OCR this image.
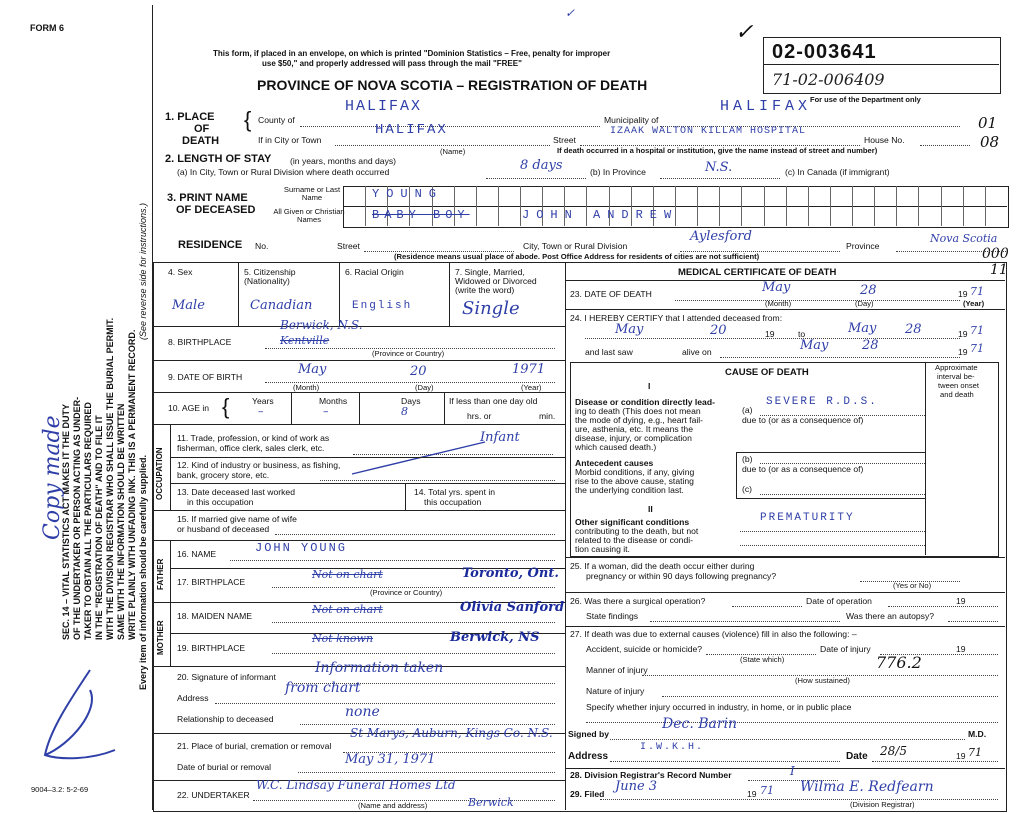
FORM 6
This form, if placed in an envelope, on which is printed "Dominion Statistics – Free, penalty for improper
use $50," and properly addressed will pass through the mail "FREE"
PROVINCE OF NOVA SCOTIA – REGISTRATION OF DEATH
02-003641
71-02-006409
For use of the Department only
✓
✓
01
08
000
11
SEC. 14 – VITAL STATISTICS ACT MAKES IT THE DUTY OF THE UNDERTAKER OR PERSON ACTING AS UNDER- TAKER TO OBTAIN ALL THE PARTICULARS REQUIRED IN THE "REGISTRATION OF DEATH" AND TO FILE IT WITH THE DIVISION REGISTRAR WHO SHALL ISSUE THE BURIAL PERMIT. SAME WITH THE INFORMATION SHOULD BE WRITTEN WRITE PLAINLY WITH UNFADING INK. THIS IS A PERMANENT RECORD.
(See reverse side for instructions.)
Every item of information should be carefully supplied.
Copy made
9004–3.2: 5-2-69
1. PLACE
OF
DEATH
{ County of
HALIFAX
Municipality of
HALIFAX
If in City or Town
HALIFAX
(Name)
Street
IZAAK WALTON KILLAM HOSPITAL
House No.
If death occurred in a hospital or institution, give the name instead of street and number)
2. LENGTH OF STAY (in years, months and days)
(a) In City, Town or Rural Division where death occurred	8 days	(b) In Province	N.S.	(c) In Canada (if immigrant)
3. PRINT NAME
OF DECEASED
Surname or Last Name
All Given or Christian Names
YOUNG
BABY BOY	JOHN ANDREW
RESIDENCE No.	Street	City, Town or Rural Division
Aylesford
Province
Nova Scotia
(Residence means usual place of abode. Post Office Address for residents of cities are not sufficient)
4. Sex
Male
5. Citizenship (Nationality)
Canadian
6. Racial Origin
English
7. Single, Married, Widowed or Divorced (write the word)
Single
8. BIRTHPLACE	Kentville
Berwick, N.S.
(Province or Country)
9. DATE OF BIRTH	May	20	1971
(Month)	(Day)	(Year)
10. AGE in {	Years	Months	Days
–	–	8
If less than one day old
hrs. or	min.
OCCUPATION
11. Trade, profession, or kind of work as
fisherman, office clerk, sales clerk, etc.
Infant
12. Kind of industry or business, as fishing,
bank, grocery store, etc.
13. Date deceased last worked
in this occupation
14. Total yrs. spent in
this occupation
15. If married give name of wife
or husband of deceased
FATHER
16. NAME	JOHN YOUNG
17. BIRTHPLACE
Not on chart	Toronto, Ont.
(Province or Country)
MOTHER
18. MAIDEN NAME	Not on chart	Olivia Sanford
19. BIRTHPLACE
Not known	Berwick, NS
20. Signature of informant
Information taken
Address
from chart
Relationship to deceased	none
21. Place of burial, cremation or removal
St Marys, Auburn, Kings Co. N.S.
Date of burial or removal	May 31, 1971
22. UNDERTAKER
W.C. Lindsay Funeral Homes Ltd
Berwick
(Name and address)
MEDICAL CERTIFICATE OF DEATH
23. DATE OF DEATH	May	28	19 71
(Month)	(Day)	(Year)
24. I HEREBY CERTIFY that I attended deceased from:
May	20	19	to	May 28	19 71
and last saw	alive on	May	28	19 71
CAUSE OF DEATH
I
Approximate
interval be-
tween onset
and death
Disease or condition directly lead-
ing to death (This does not mean
the mode of dying, e.g., heart fail-
ure, asthenia, etc. It means the
disease, injury, or complication
which caused death.)
(a)
SEVERE R.D.S.
due to (or as a consequence of)
(b)
due to (or as a consequence of)
(c)
Antecedent causes
Morbid conditions, if any, giving
rise to the above cause, stating
the underlying condition last.
II
Other significant conditions
contributing to the death, but not
related to the disease or condi-
tion causing it.
PREMATURITY
25. If a woman, did the death occur either during
pregnancy or within 90 days following pregnancy?
(Yes or No)
26. Was there a surgical operation?	Date of operation	19
State findings	Was there an autopsy?
27. If death was due to external causes (violence) fill in also the following: –
Accident, suicide or homicide?	Date of injury	19
(State which)
Manner of injury	776.2
(How sustained)
Nature of injury
Specify whether injury occurred in industry, in home, or in public place
Signed by
Dec. Barin
M.D.
Address
I.W.K.H.
Date 28/5	19 71
28. Division Registrar's Record Number	I
29. Filed June 3	19 71 Wilma E. Redfearn
(Division Registrar)
